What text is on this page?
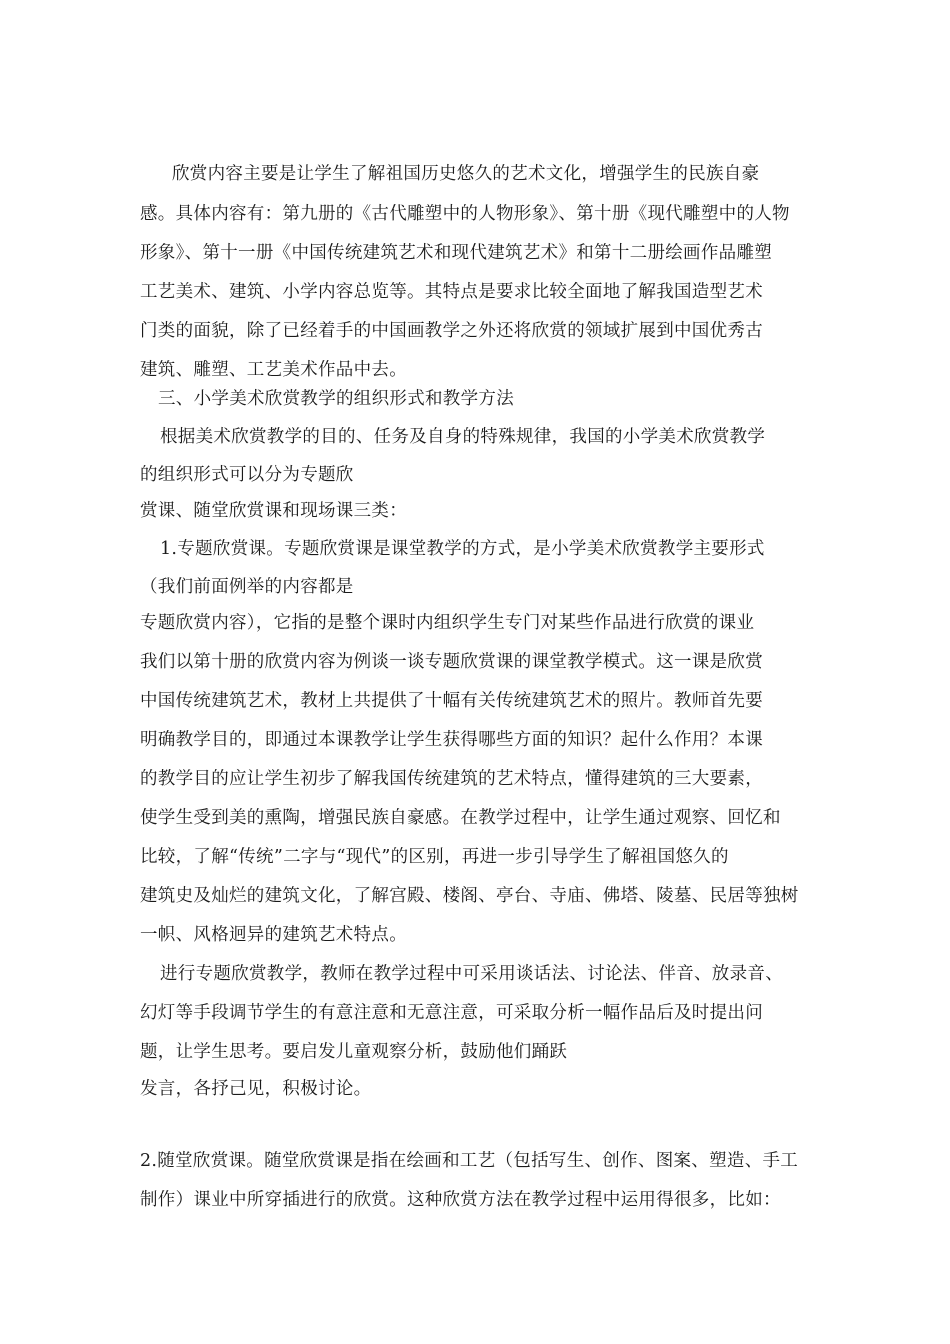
欣赏内容主要是让学生了解祖国历史悠久的艺术文化，增强学生的民族自豪
感。具体内容有：第九册的《古代雕塑中的人物形象》、第十册《现代雕塑中的人物
形象》、第十一册《中国传统建筑艺术和现代建筑艺术》和第十二册绘画作品雕塑
工艺美术、建筑、小学内容总览等。其特点是要求比较全面地了解我国造型艺术
门类的面貌，除了已经着手的中国画教学之外还将欣赏的领域扩展到中国优秀古
建筑、雕塑、工艺美术作品中去。
三、小学美术欣赏教学的组织形式和教学方法
根据美术欣赏教学的目的、任务及自身的特殊规律，我国的小学美术欣赏教学
的组织形式可以分为专题欣
赏课、随堂欣赏课和现场课三类：
1.专题欣赏课。专题欣赏课是课堂教学的方式，是小学美术欣赏教学主要形式
（我们前面例举的内容都是
专题欣赏内容），它指的是整个课时内组织学生专门对某些作品进行欣赏的课业
我们以第十册的欣赏内容为例谈一谈专题欣赏课的课堂教学模式。这一课是欣赏
中国传统建筑艺术，教材上共提供了十幅有关传统建筑艺术的照片。教师首先要
明确教学目的，即通过本课教学让学生获得哪些方面的知识？起什么作用？本课
的教学目的应让学生初步了解我国传统建筑的艺术特点，懂得建筑的三大要素，
使学生受到美的熏陶，增强民族自豪感。在教学过程中，让学生通过观察、回忆和
比较，了解“传统”二字与“现代”的区别，再进一步引导学生了解祖国悠久的
建筑史及灿烂的建筑文化，了解宫殿、楼阁、亭台、寺庙、佛塔、陵墓、民居等独树
一帜、风格迥异的建筑艺术特点。
进行专题欣赏教学，教师在教学过程中可采用谈话法、讨论法、伴音、放录音、
幻灯等手段调节学生的有意注意和无意注意，可采取分析一幅作品后及时提出问
题，让学生思考。要启发儿童观察分析，鼓励他们踊跃
发言，各抒己见，积极讨论。
2.随堂欣赏课。随堂欣赏课是指在绘画和工艺（包括写生、创作、图案、塑造、手工
制作）课业中所穿插进行的欣赏。这种欣赏方法在教学过程中运用得很多，比如：
